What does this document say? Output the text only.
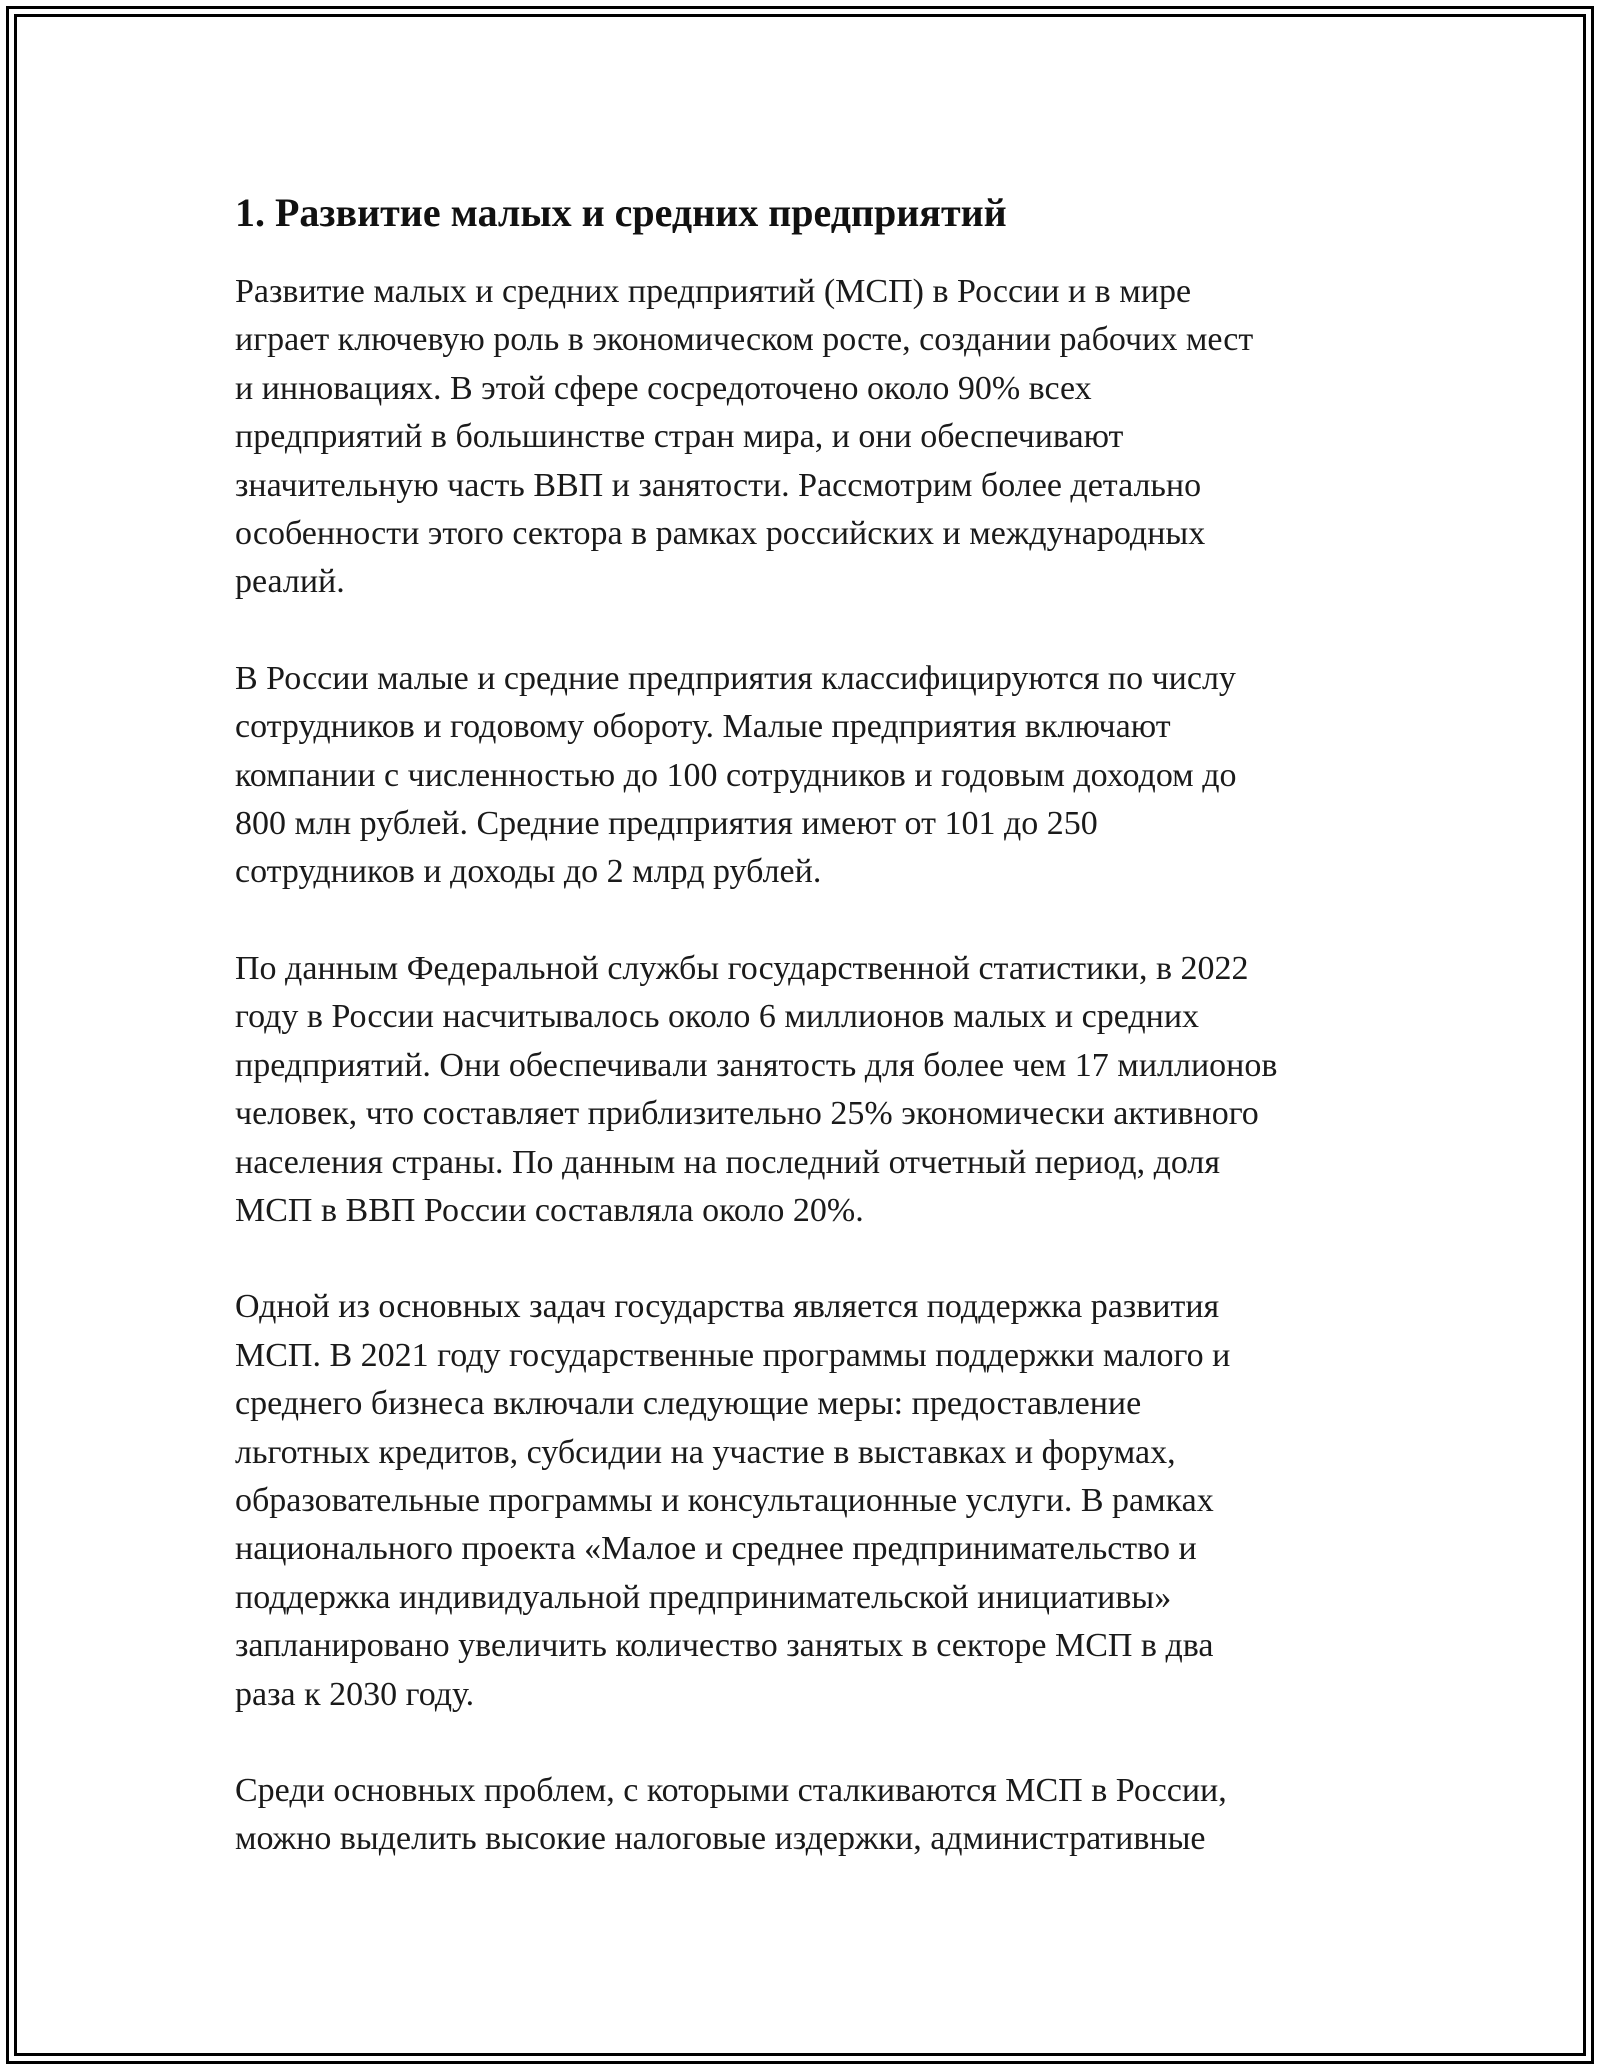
1. Развитие малых и средних предприятий

Развитие малых и средних предприятий (МСП) в России и в мире
играет ключевую роль в экономическом росте, создании рабочих мест
и инновациях. В этой сфере сосредоточено около 90% всех
предприятий в большинстве стран мира, и они обеспечивают
значительную часть ВВП и занятости. Рассмотрим более детально
особенности этого сектора в рамках российских и международных
реалий.

В России малые и средние предприятия классифицируются по числу
сотрудников и годовому обороту. Малые предприятия включают
компании с численностью до 100 сотрудников и годовым доходом до
800 млн рублей. Средние предприятия имеют от 101 до 250
сотрудников и доходы до 2 млрд рублей.

По данным Федеральной службы государственной статистики, в 2022
году в России насчитывалось около 6 миллионов малых и средних
предприятий. Они обеспечивали занятость для более чем 17 миллионов
человек, что составляет приблизительно 25% экономически активного
населения страны. По данным на последний отчетный период, доля
МСП в ВВП России составляла около 20%.

Одной из основных задач государства является поддержка развития
МСП. В 2021 году государственные программы поддержки малого и
среднего бизнеса включали следующие меры: предоставление
льготных кредитов, субсидии на участие в выставках и форумах,
образовательные программы и консультационные услуги. В рамках
национального проекта «Малое и среднее предпринимательство и
поддержка индивидуальной предпринимательской инициативы»
запланировано увеличить количество занятых в секторе МСП в два
раза к 2030 году.

Среди основных проблем, с которыми сталкиваются МСП в России,
можно выделить высокие налоговые издержки, административные
